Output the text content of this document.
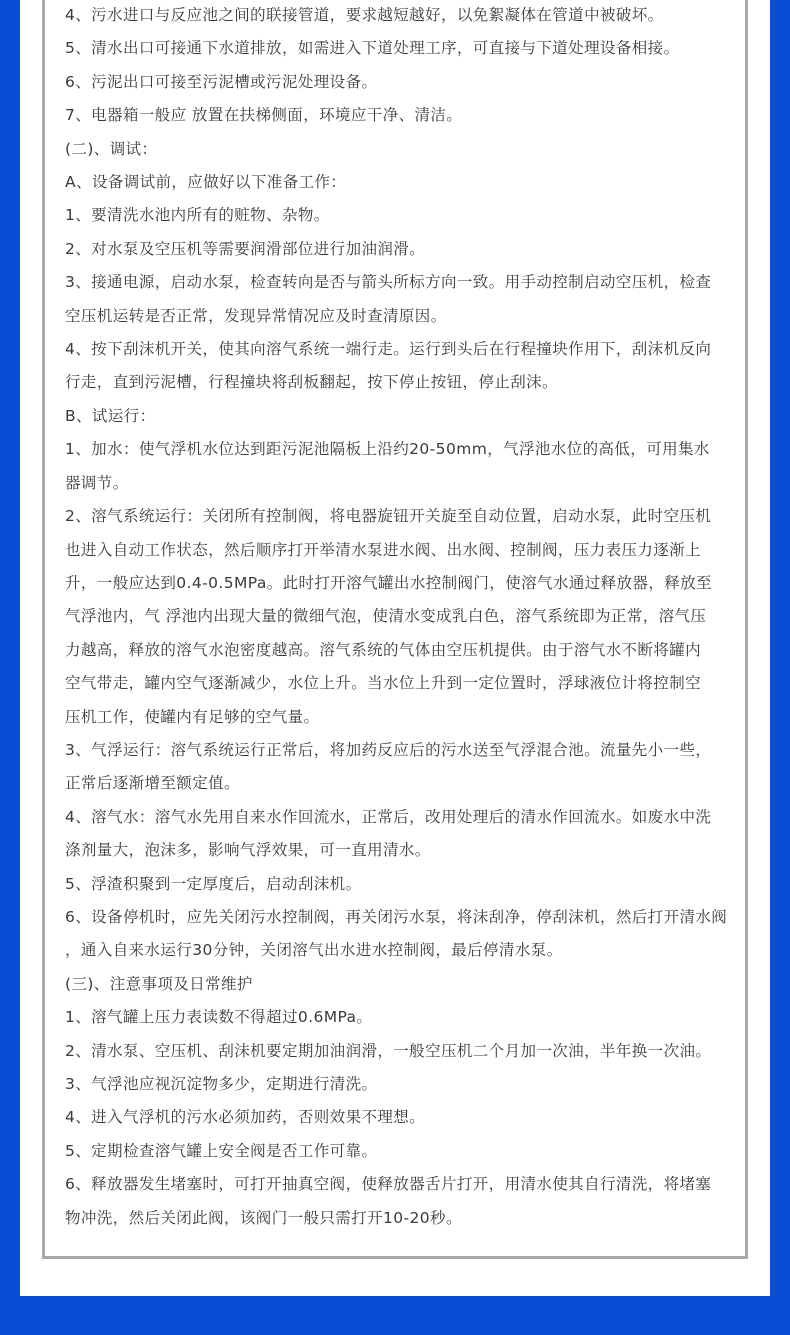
4、污水进口与反应池之间的联接管道，要求越短越好，以免絮凝体在管道中被破坏。
5、清水出口可接通下水道排放，如需进入下道处理工序，可直接与下道处理设备相接。
6、污泥出口可接至污泥槽或污泥处理设备。
7、电器箱一般应 放置在扶梯侧面，环境应干净、清洁。
(二)、调试：
A、设备调试前，应做好以下准备工作：
1、要清洗水池内所有的赃物、杂物。
2、对水泵及空压机等需要润滑部位进行加油润滑。
3、接通电源，启动水泵，检查转向是否与箭头所标方向一致。用手动控制启动空压机，检查
空压机运转是否正常，发现异常情况应及时查清原因。
4、按下刮沫机开关，使其向溶气系统一端行走。运行到头后在行程撞块作用下，刮沫机反向
行走，直到污泥槽，行程撞块将刮板翻起，按下停止按钮，停止刮沫。
B、试运行：
1、加水：使气浮机水位达到距污泥池隔板上沿约20-50mm，气浮池水位的高低，可用集水
器调节。
2、溶气系统运行：关闭所有控制阀，将电器旋钮开关旋至自动位置，启动水泵，此时空压机
也进入自动工作状态，然后顺序打开举清水泵进水阀、出水阀、控制阀，压力表压力逐渐上
升，一般应达到0.4-0.5MPa。此时打开溶气罐出水控制阀门，使溶气水通过释放器，释放至
气浮池内，气 浮池内出现大量的微细气泡，使清水变成乳白色，溶气系统即为正常，溶气压
力越高，释放的溶气水泡密度越高。溶气系统的气体由空压机提供。由于溶气水不断将罐内
空气带走，罐内空气逐渐减少，水位上升。当水位上升到一定位置时，浮球液位计将控制空
压机工作，使罐内有足够的空气量。
3、气浮运行：溶气系统运行正常后，将加药反应后的污水送至气浮混合池。流量先小一些，
正常后逐渐增至额定值。
4、溶气水：溶气水先用自来水作回流水，正常后，改用处理后的清水作回流水。如废水中洗
涤剂量大，泡沫多，影响气浮效果，可一直用清水。
5、浮渣积聚到一定厚度后，启动刮沫机。
6、设备停机时，应先关闭污水控制阀，再关闭污水泵，将沫刮净，停刮沫机，然后打开清水阀
，通入自来水运行30分钟，关闭溶气出水进水控制阀，最后停清水泵。
(三)、注意事项及日常维护
1、溶气罐上压力表读数不得超过0.6MPa。
2、清水泵、空压机、刮沫机要定期加油润滑，一般空压机二个月加一次油，半年换一次油。
3、气浮池应视沉淀物多少，定期进行清洗。
4、进入气浮机的污水必须加药，否则效果不理想。
5、定期检查溶气罐上安全阀是否工作可靠。
6、释放器发生堵塞时，可打开抽真空阀，使释放器舌片打开，用清水使其自行清洗，将堵塞
物冲洗，然后关闭此阀，该阀门一般只需打开10-20秒。
